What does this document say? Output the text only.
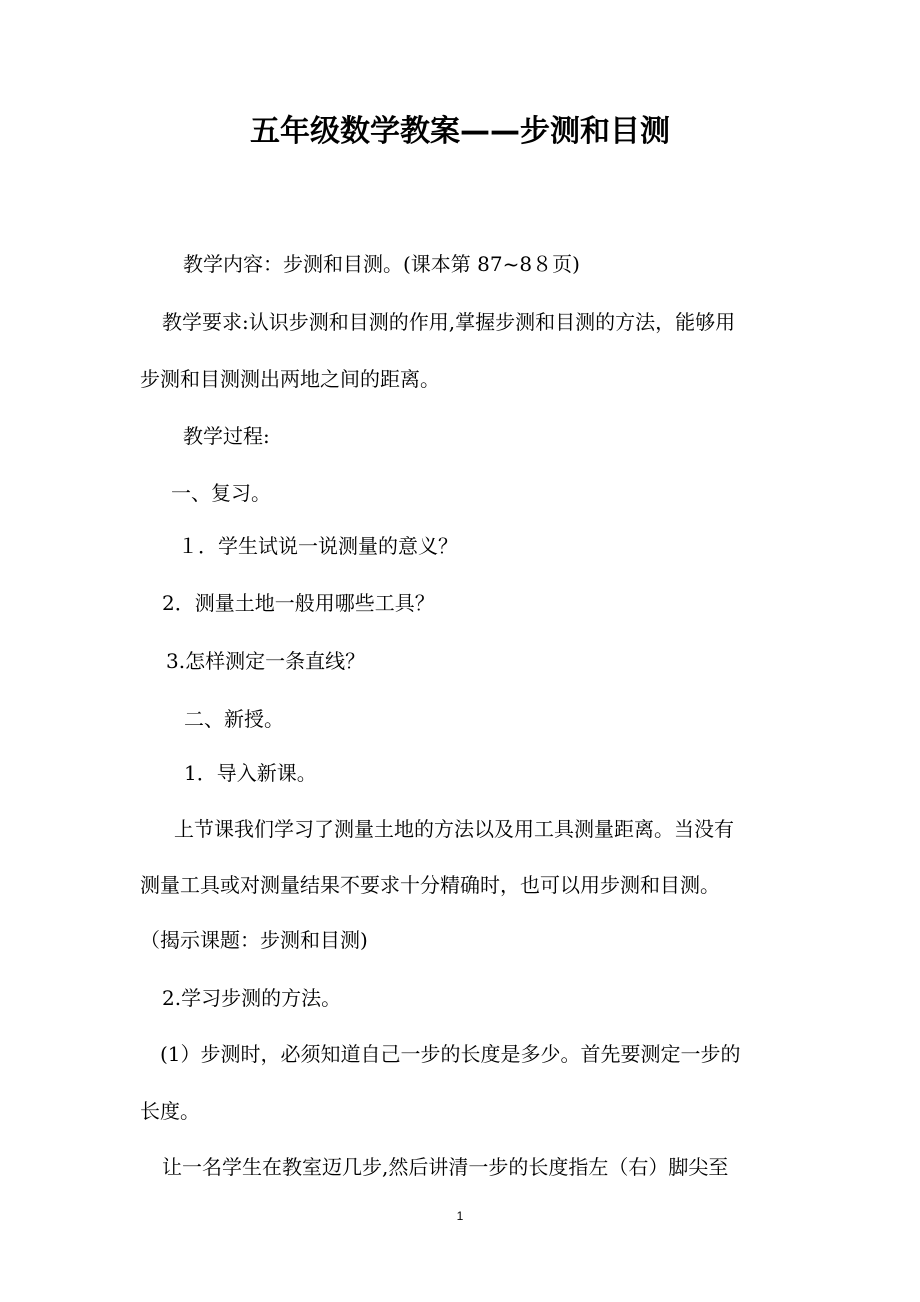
五年级数学教案——步测和目测
教学内容：步测和目测。(课本第 87~8８页)
教学要求:认识步测和目测的作用,掌握步测和目测的方法，能够用
步测和目测测出两地之间的距离。
教学过程:
一、复习。
１．学生试说一说测量的意义？
2．测量土地一般用哪些工具？
3.怎样测定一条直线？
二、新授。
1．导入新课。
上节课我们学习了测量土地的方法以及用工具测量距离。当没有
测量工具或对测量结果不要求十分精确时，也可以用步测和目测。
（揭示课题：步测和目测)
2.学习步测的方法。
(1）步测时，必须知道自己一步的长度是多少。首先要测定一步的
长度。
让一名学生在教室迈几步,然后讲清一步的长度指左（右）脚尖至
1
